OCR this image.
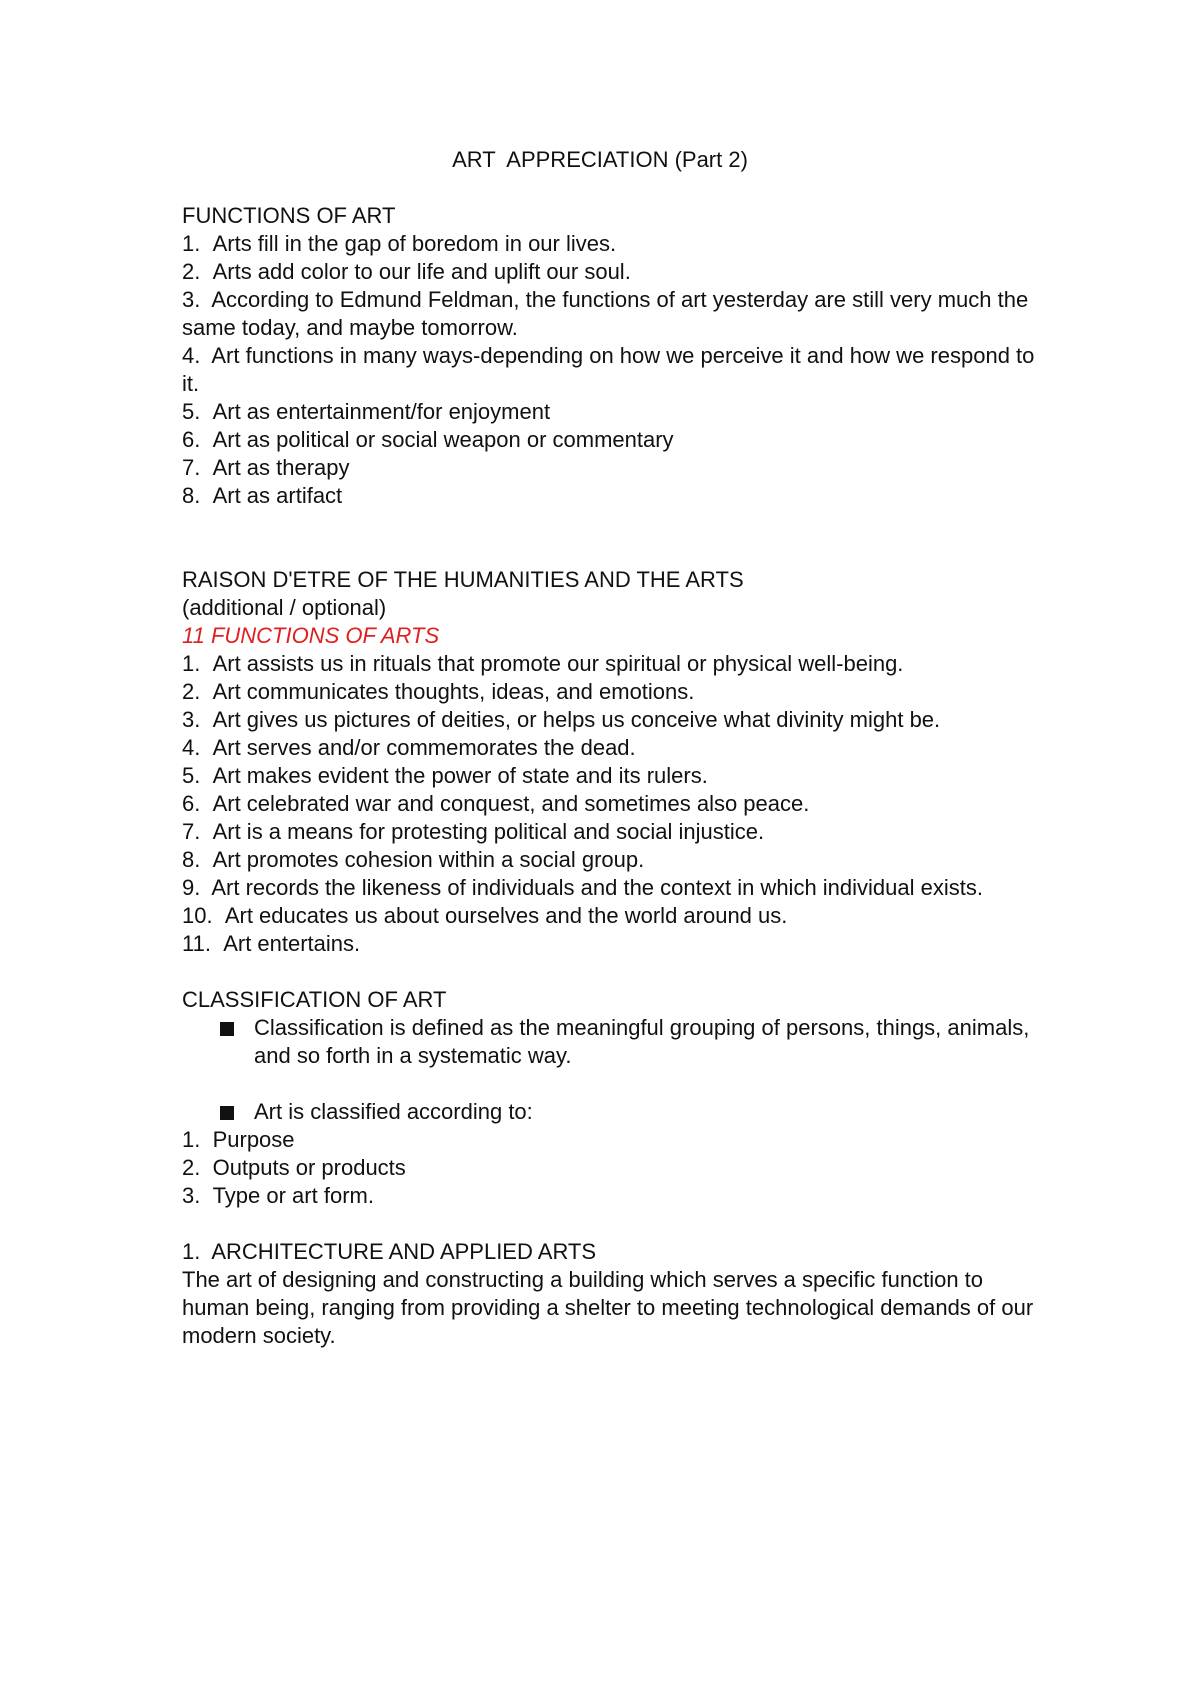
ART  APPRECIATION (Part 2)
FUNCTIONS OF ART
1. Arts fill in the gap of boredom in our lives.
2. Arts add color to our life and uplift our soul.
3.  According to Edmund Feldman, the functions of art yesterday are still very much the same today, and maybe tomorrow.
4.  Art functions in many ways-depending on how we perceive it and how we respond to it.
5. Art as entertainment/for enjoyment
6. Art as political or social weapon or commentary
7. Art as therapy
8. Art as artifact
RAISON D'ETRE OF THE HUMANITIES AND THE ARTS
(additional / optional)
11 FUNCTIONS OF ARTS
1. Art assists us in rituals that promote our spiritual or physical well-being.
2. Art communicates thoughts, ideas, and emotions.
3. Art gives us pictures of deities, or helps us conceive what divinity might be.
4. Art serves and/or commemorates the dead.
5. Art makes evident the power of state and its rulers.
6. Art celebrated war and conquest, and sometimes also peace.
7. Art is a means for protesting political and social injustice.
8. Art promotes cohesion within a social group.
9.  Art records the likeness of individuals and the context in which individual exists.
10. Art educates us about ourselves and the world around us.
11. Art entertains.
CLASSIFICATION OF ART
Classification is defined as the meaningful grouping of persons, things, animals, and so forth in a systematic way.
Art is classified according to:
1. Purpose
2. Outputs or products
3. Type or art form.
1.  ARCHITECTURE AND APPLIED ARTS
The art of designing and constructing a building which serves a specific function to human being, ranging from providing a shelter to meeting technological demands of our modern society.
